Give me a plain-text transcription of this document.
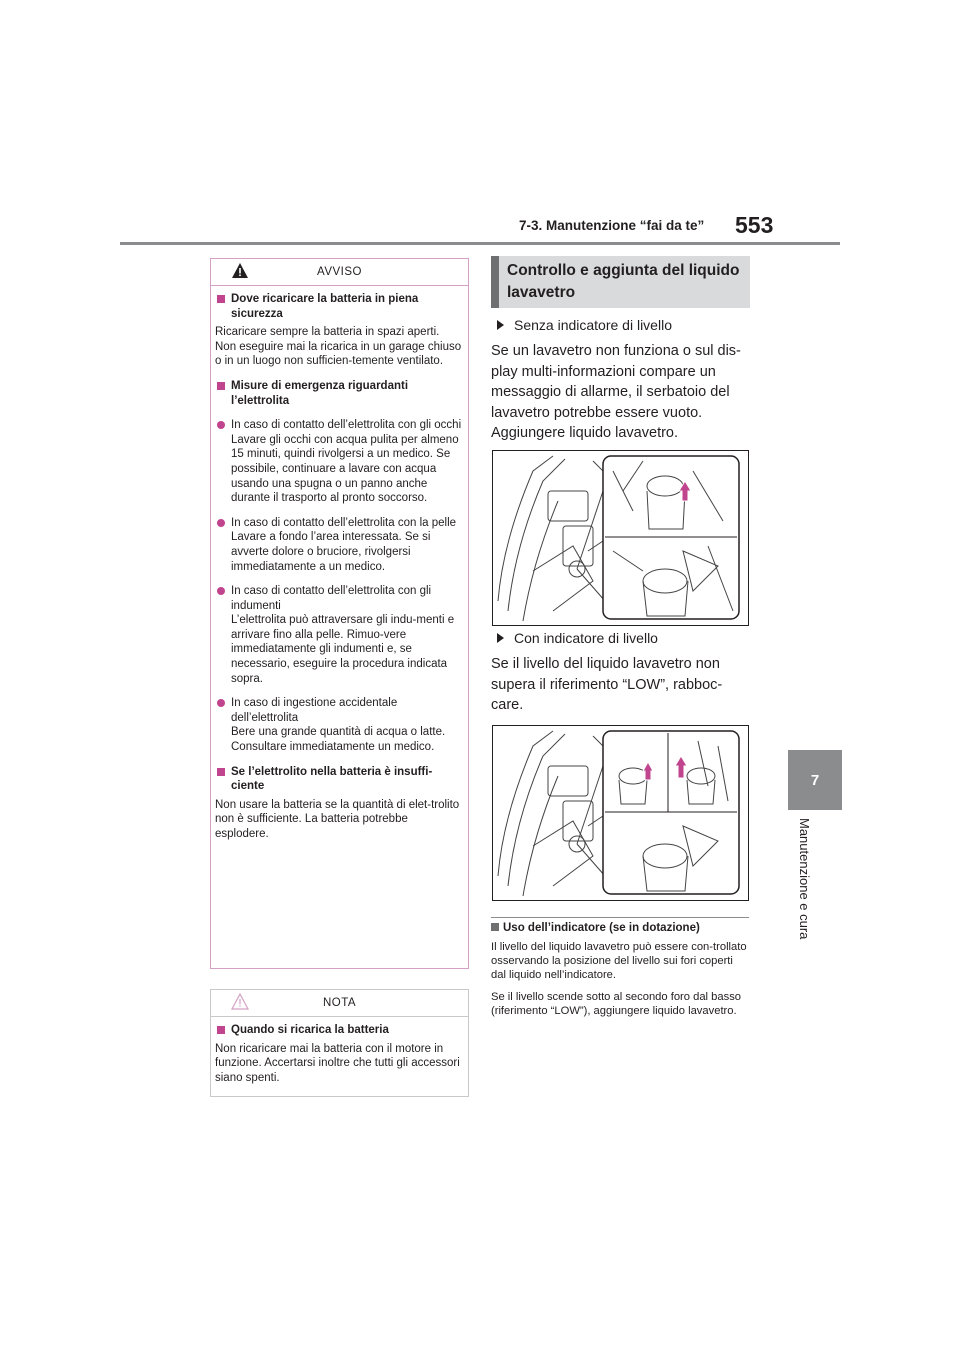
7-3. Manutenzione “fai da te” 553
7
Manutenzione e cura
AVVISO
Dove ricaricare la batteria in piena sicurezza
Ricaricare sempre la batteria in spazi aperti. Non eseguire mai la ricarica in un garage chiuso o in un luogo non sufficien-temente ventilato.
Misure di emergenza riguardanti l’elettrolita
In caso di contatto dell’elettrolita con gli occhi
Lavare gli occhi con acqua pulita per almeno 15 minuti, quindi rivolgersi a un medico. Se possibile, continuare a lavare con acqua usando una spugna o un panno anche durante il trasporto al pronto soccorso.
In caso di contatto dell’elettrolita con la pelle
Lavare a fondo l’area interessata. Se si avverte dolore o bruciore, rivolgersi immediatamente a un medico.
In caso di contatto dell’elettrolita con gli indumenti
L’elettrolita può attraversare gli indu-menti e arrivare fino alla pelle. Rimuo-vere immediatamente gli indumenti e, se necessario, eseguire la procedura indicata sopra.
In caso di ingestione accidentale dell’elettrolita
Bere una grande quantità di acqua o latte. Consultare immediatamente un medico.
Se l’elettrolito nella batteria è insuffi-ciente
Non usare la batteria se la quantità di elet-trolito non è sufficiente. La batteria potrebbe esplodere.
NOTA
Quando si ricarica la batteria
Non ricaricare mai la batteria con il motore in funzione. Accertarsi inoltre che tutti gli accessori siano spenti.
Controllo e aggiunta del liquido lavavetro
Senza indicatore di livello
Se un lavavetro non funziona o sul dis-play multi-informazioni compare un messaggio di allarme, il serbatoio del lavavetro potrebbe essere vuoto. Aggiungere liquido lavavetro.
Con indicatore di livello
Se il livello del liquido lavavetro non supera il riferimento “LOW”, rabboc-care.
Uso dell’indicatore (se in dotazione)
Il livello del liquido lavavetro può essere con-trollato osservando la posizione del livello sui fori coperti dal liquido nell’indicatore.
Se il livello scende sotto al secondo foro dal basso (riferimento “LOW”), aggiungere liquido lavavetro.
